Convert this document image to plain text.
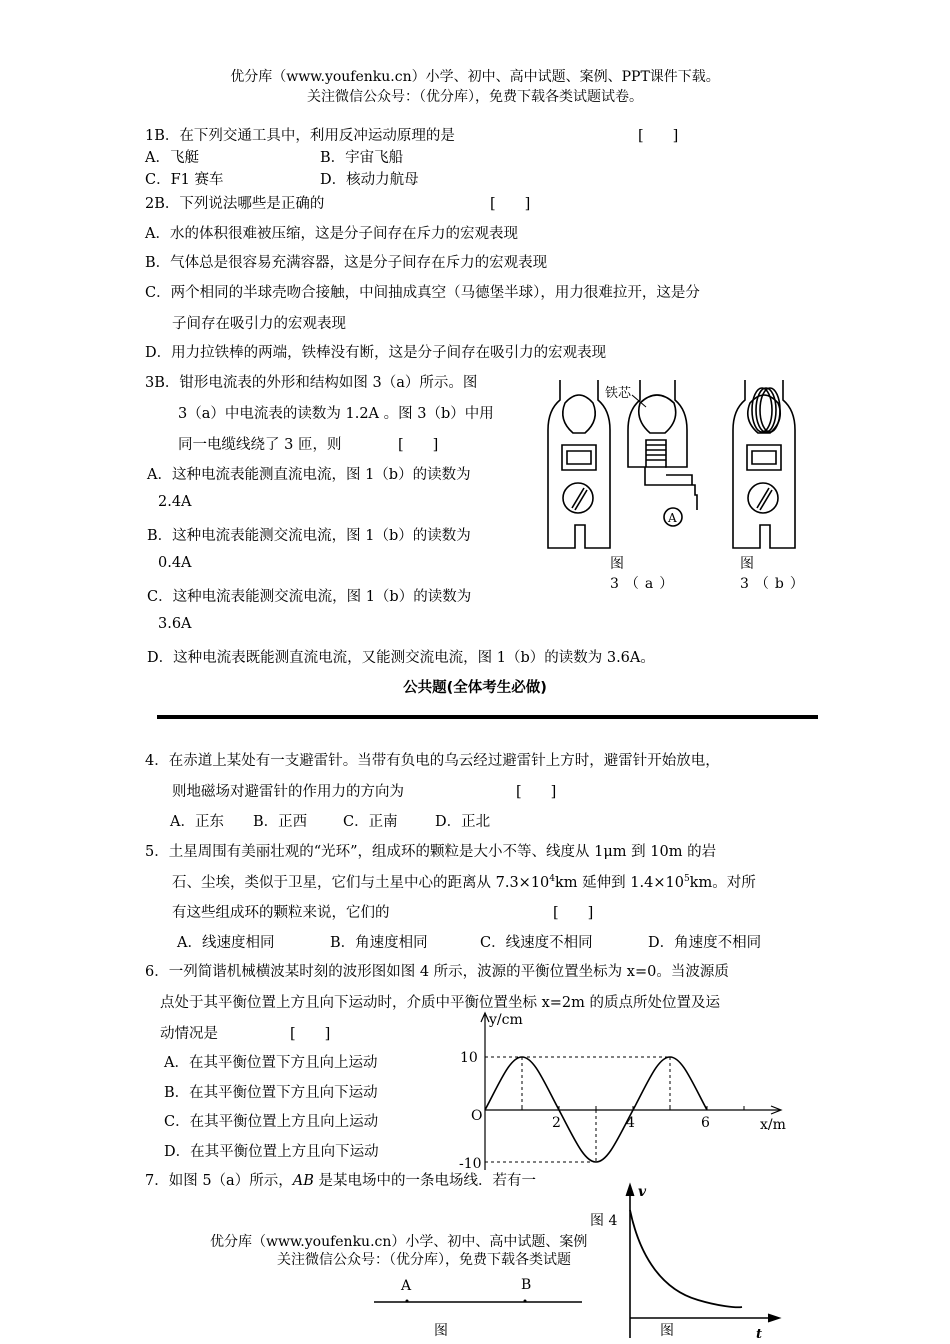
优分库（www.youfenku.cn）小学、初中、高中试题、案例、PPT课件下载。
关注微信公众号：（优分库），免费下载各类试题试卷。
1B．在下列交通工具中，利用反冲运动原理的是	[　　]
A．飞艇	B．宇宙飞船
C．F1 赛车	D．核动力航母
2B．下列说法哪些是正确的	[　　]
A．水的体积很难被压缩，这是分子间存在斥力的宏观表现
B．气体总是很容易充满容器，这是分子间存在斥力的宏观表现
C．两个相同的半球壳吻合接触，中间抽成真空（马德堡半球），用力很难拉开，这是分
子间存在吸引力的宏观表现
D．用力拉铁棒的两端，铁棒没有断，这是分子间存在吸引力的宏观表现
3B．钳形电流表的外形和结构如图 3（a）所示。图
3（a）中电流表的读数为 1.2A 。图 3（b）中用
同一电缆线绕了 3 匝，则	[　　]
A．这种电流表能测直流电流，图 1（b）的读数为
2.4A
B．这种电流表能测交流电流，图 1（b）的读数为
0.4A
C．这种电流表能测交流电流，图 1（b）的读数为
3.6A
D．这种电流表既能测直流电流，又能测交流电流，图 1（b）的读数为 3.6A。
铁芯
A
图
3（a）
图
3（b）
公共题(全体考生必做)
4．在赤道上某处有一支避雷针。当带有负电的乌云经过避雷针上方时，避雷针开始放电，
则地磁场对避雷针的作用力的方向为	[　　]
A．正东 B．正西 C．正南	D．正北
5．土星周围有美丽壮观的“光环”，组成环的颗粒是大小不等、线度从 1μm 到 10m 的岩
石、尘埃，类似于卫星，它们与土星中心的距离从 $7.3\times 10^4km$ 延伸到 $1.4\times 10^5km$。对所
有这些组成环的颗粒来说，它们的	[　　]
A．线速度相同	B．角速度相同	C．线速度不相同	D．角速度不相同
6．一列简谐机械横波某时刻的波形图如图 4 所示，波源的平衡位置坐标为 x=0。当波源质
点处于其平衡位置上方且向下运动时，介质中平衡位置坐标 x=2m 的质点所处位置及运
动情况是	[　　]
A．在其平衡位置下方且向上运动
B．在其平衡位置下方且向下运动
C．在其平衡位置上方且向上运动
D．在其平衡位置上方且向下运动
y/cm
x/m
O
10
-10
2	4	6
7．如图 5（a）所示，AB 是某电场中的一条电场线．若有一
图 4
优分库（www.youfenku.cn）小学、初中、高中试题、案例
关注微信公众号：（优分库），免费下载各类试题
A	B
图
v
t
图
